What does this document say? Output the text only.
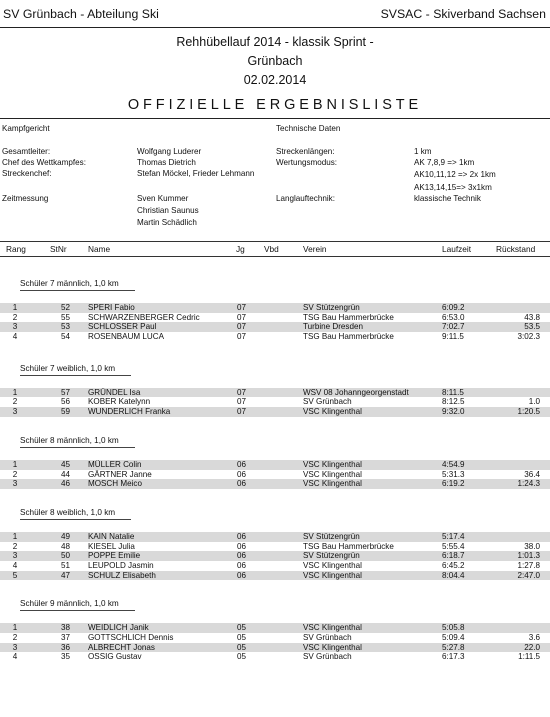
SV Grünbach - Abteilung Ski	SVSAC - Skiverband Sachsen
Rehhübellauf 2014 - klassik Sprint -
Grünbach
02.02.2014
OFFIZIELLE ERGEBNISLISTE
Kampfgericht	Technische Daten
Gesamtleiter:	Wolfgang Luderer
Chef des Wettkampfes:	Thomas Dietrich
Streckenchef:	Stefan Möckel, Frieder Lehmann
Streckenlängen:	1 km
Wertungsmodus:	AK 7,8,9 => 1km
AK10,11,12 => 2x 1km
AK13,14,15=> 3x1km
Zeitmessung	Sven Kummer
Christian Saunus
Martin Schädlich
Langlauftechnik:	klassische Technik
Rang	StNr	Name	Jg Vbd	Verein	Laufzeit	Rückstand
Schüler 7 männlich, 1,0 km
1	52 SPERI Fabio	07	SV Stützengrün	6:09.2
2	55 SCHWARZENBERGER Cedric	07	TSG Bau Hammerbrücke	6:53.0	43.8
3	53 SCHLOSSER Paul	07	Turbine Dresden	7:02.7	53.5
4	54 ROSENBAUM LUCA	07	TSG Bau Hammerbrücke	9:11.5	3:02.3
Schüler 7 weiblich, 1,0 km
1	57 GRÜNDEL Isa	07	WSV 08 Johanngeorgenstadt	8:11.5
2	56 KOBER Katelynn	07	SV Grünbach	8:12.5	1.0
3	59 WUNDERLICH Franka	07	VSC Klingenthal	9:32.0	1:20.5
Schüler 8 männlich, 1,0 km
1	45 MÜLLER Colin	06	VSC Klingenthal	4:54.9
2	44 GÄRTNER Janne	06	VSC Klingenthal	5:31.3	36.4
3	46 MOSCH Meico	06	VSC Klingenthal	6:19.2	1:24.3
Schüler 8 weiblich, 1,0 km
1	49 KAIN Natalie	06	SV Stützengrün	5:17.4
2	48 KIESEL Julia	06	TSG Bau Hammerbrücke	5:55.4	38.0
3	50 POPPE Emilie	06	SV Stützengrün	6:18.7	1:01.3
4	51 LEUPOLD Jasmin	06	VSC Klingenthal	6:45.2	1:27.8
5	47 SCHULZ Elisabeth	06	VSC Klingenthal	8:04.4	2:47.0
Schüler 9 männlich, 1,0 km
1	38 WEIDLICH Janik	05	VSC Klingenthal	5:05.8
2	37 GOTTSCHLICH Dennis	05	SV Grünbach	5:09.4	3.6
3	36 ALBRECHT Jonas	05	VSC Klingenthal	5:27.8	22.0
4	35 OSSIG Gustav	05	SV Grünbach	6:17.3	1:11.5
